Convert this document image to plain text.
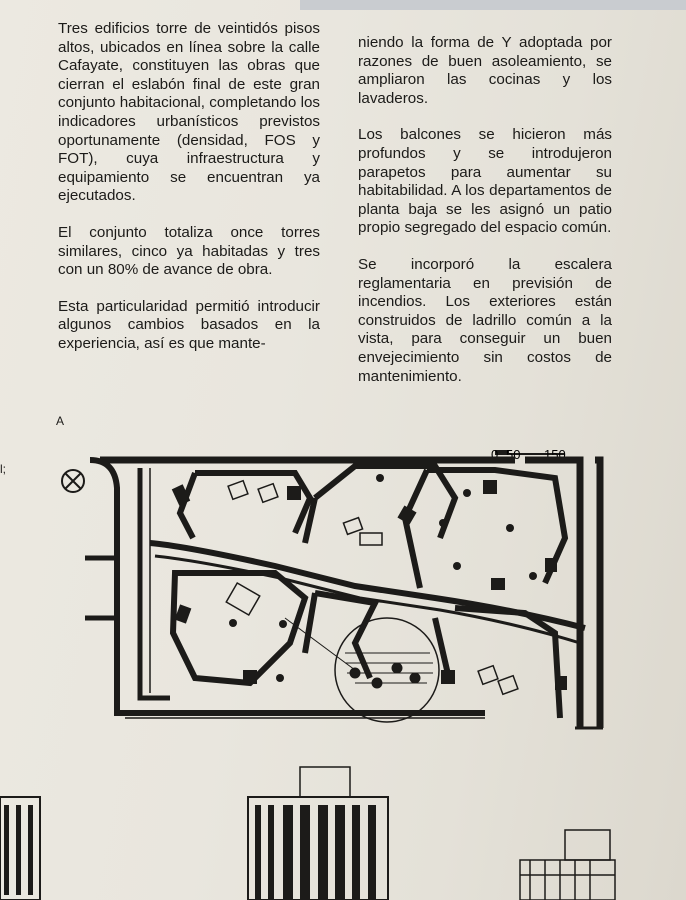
Tres edificios torre de veintidós pisos altos, ubicados en línea sobre la calle Cafayate, constituyen las obras que cierran el eslabón final de este gran conjunto habitacional, completando los indicadores urbanísticos previstos oportunamente (densidad, FOS y FOT), cuya infraestructura y equipamiento se encuentran ya ejecutados.

El conjunto totaliza once torres similares, cinco ya habitadas y tres con un 80% de avance de obra.

Esta particularidad permitió introducir algunos cambios basados en la experiencia, así es que mante-

niendo la forma de Y adoptada por razones de buen asoleamiento, se ampliaron las cocinas y los lavaderos.

Los balcones se hicieron más profundos y se introdujeron parapetos para aumentar su habitabilidad. A los departamentos de planta baja se les asignó un patio propio segregado del espacio común.

Se incorporó la escalera reglamentaria en previsión de incendios. Los exteriores están construidos de ladrillo común a la vista, para conseguir un buen envejecimiento sin costos de mantenimiento.

A
l;
0 50 150
